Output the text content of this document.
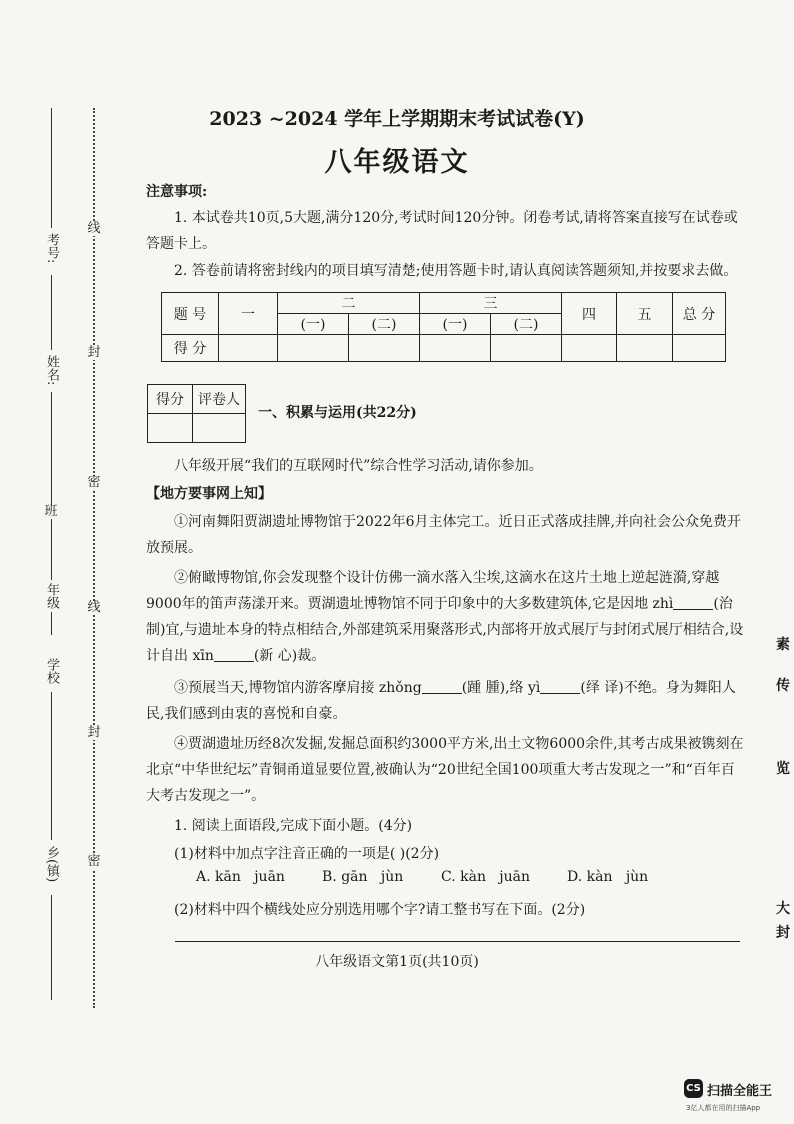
考号:
姓名:
班
年级
学校
乡(镇)
线
封
密
线
封
密
2023 ~2024 学年上学期期末考试试卷(Y)
八年级语文
注意事项:
1. 本试卷共10页,5大题,满分120分,考试时间120分钟。闭卷考试,请将答案直接写在试卷或答题卡上。
2. 答卷前请将密封线内的项目填写清楚;使用答题卡时,请认真阅读答题须知,并按要求去做。
题 号	一	二		三		四	五	总 分
		(一)	(二)	(一)	(二)			
得 分								
得分	评卷人

一、积累与运用(共22分)
八年级开展“我们的互联网时代”综合性学习活动,请你参加。
【地方要事网上知】
①河南舞阳贾湖遗址博物馆于2022年6月主体完工。近日正式落成挂牌,并向社会公众免费开放预展。
②俯瞰博物馆,你会发现整个设计仿佛一滴水落入尘埃,这滴水在这片土地上逆起涟漪,穿越9000年的笛声荡漾开来。贾湖遗址博物馆不同于印象中的大多数建筑体,它是因地 zhì	(治 制)宜,与遗址本身的特点相结合,外部建筑采用聚落形式,内部将开放式展厅与封闭式展厅相结合,设计自出 xīn	(新 心)裁。
③预展当天,博物馆内游客摩肩接 zhǒng	(踵 腫),络 yì	(绎 译)不绝。身为舞阳人民,我们感到由衷的喜悦和自豪。
④贾湖遗址历经8次发掘,发掘总面积约3000平方米,出土文物6000余件,其考古成果被镌刻在北京“中华世纪坛”青铜甬道显要位置,被确认为“20世纪全国100项重大考古发现之一”和“百年百大考古发现之一”。
1. 阅读上面语段,完成下面小题。(4分)
(1)材料中加点字注音正确的一项是( )(2分)
A. kān   juān	B. gān   jùn	C. kàn   juān	D. kàn   jùn
(2)材料中四个横线处应分别选用哪个字?请工整书写在下面。(2分)
八年级语文第1页(共10页)
素
传
览
大
封
CS 扫描全能王
3亿人都在用的扫描App
